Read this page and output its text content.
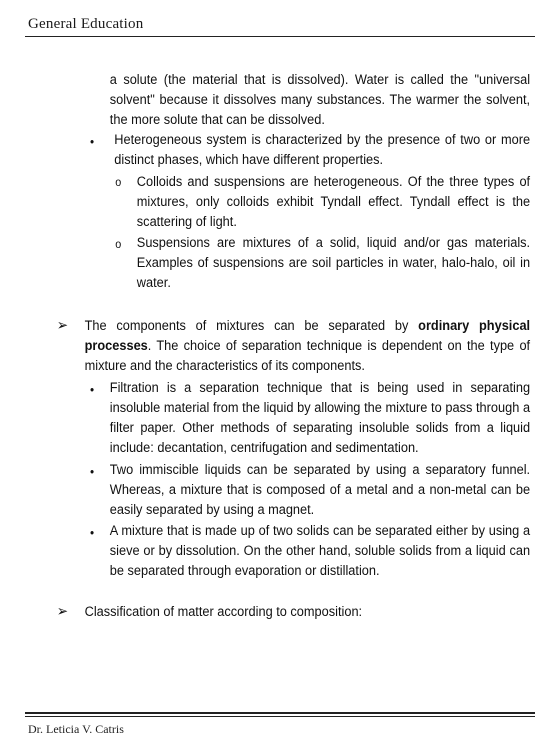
General Education
a solute (the material that is dissolved). Water is called the "universal solvent" because it dissolves many substances. The warmer the solvent, the more solute that can be dissolved.
• Heterogeneous system is characterized by the presence of two or more distinct phases, which have different properties.
o Colloids and suspensions are heterogeneous. Of the three types of mixtures, only colloids exhibit Tyndall effect. Tyndall effect is the scattering of light.
o Suspensions are mixtures of a solid, liquid and/or gas materials. Examples of suspensions are soil particles in water, halo-halo, oil in water.
➢ The components of mixtures can be separated by ordinary physical processes. The choice of separation technique is dependent on the type of mixture and the characteristics of its components.
• Filtration is a separation technique that is being used in separating insoluble material from the liquid by allowing the mixture to pass through a filter paper. Other methods of separating insoluble solids from a liquid include: decantation, centrifugation and sedimentation.
• Two immiscible liquids can be separated by using a separatory funnel. Whereas, a mixture that is composed of a metal and a non-metal can be easily separated by using a magnet.
• A mixture that is made up of two solids can be separated either by using a sieve or by dissolution. On the other hand, soluble solids from a liquid can be separated through evaporation or distillation.
➢ Classification of matter according to composition:
Dr. Leticia V. Catris
